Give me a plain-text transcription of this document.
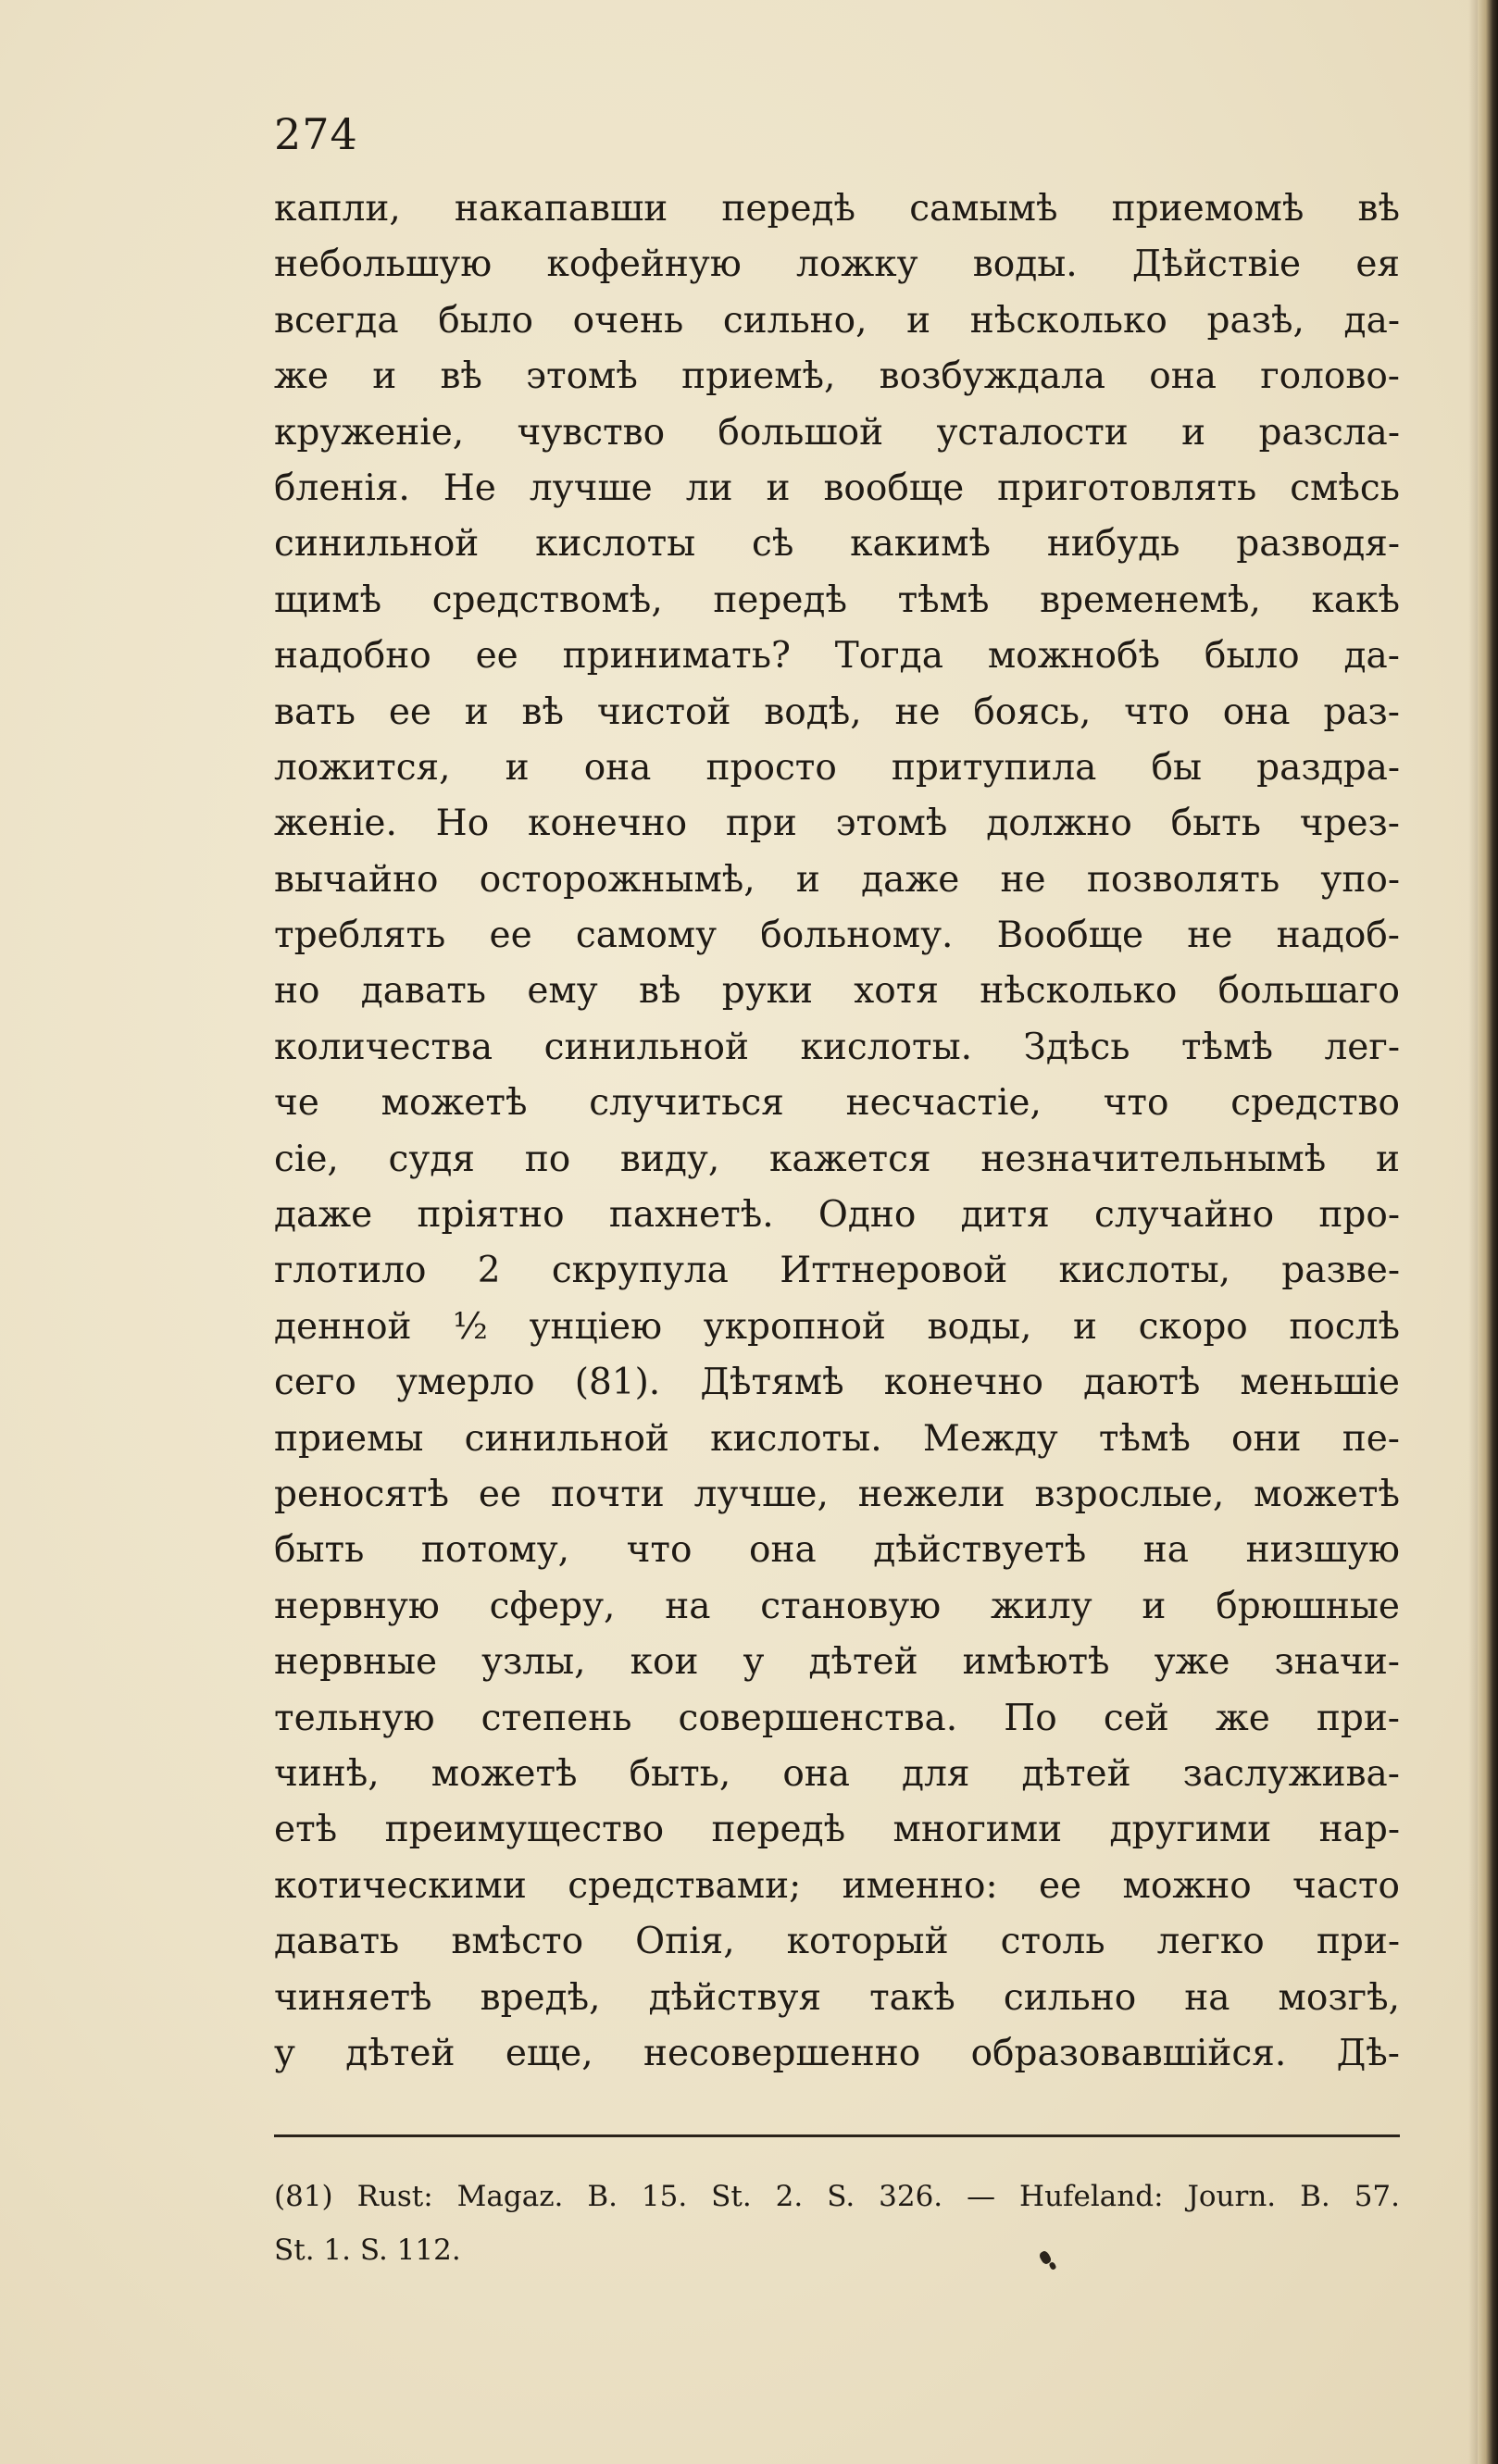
274
капли, накапавши передѣ самымѣ приемомѣ вѣ
небольшую кофейную ложку воды. Дѣйствіе ея
всегда было очень сильно, и нѣсколько разѣ, да-
же и вѣ этомѣ приемѣ, возбуждала она голово-
круженіе, чувство большой усталости и разсла-
бленія. Не лучше ли и вообще приготовлять смѣсь
синильной кислоты сѣ какимѣ нибудь разводя-
щимѣ средствомѣ, передѣ тѣмѣ временемѣ, какѣ
надобно ее принимать? Тогда можнобѣ было да-
вать ее и вѣ чистой водѣ, не боясь, что она раз-
ложится, и она просто притупила бы раздра-
женіе. Но конечно при этомѣ должно быть чрез-
вычайно осторожнымѣ, и даже не позволять упо-
треблять ее самому больному. Вообще не надоб-
но давать ему вѣ руки хотя нѣсколько большаго
количества синильной кислоты. Здѣсь тѣмѣ лег-
че можетѣ случиться несчастіе, что средство
сіе, судя по виду, кажется незначительнымѣ и
даже пріятно пахнетѣ. Одно дитя случайно про-
глотило 2 скрупула Иттнеровой кислоты, разве-
денной ½ унціею укропной воды, и скоро послѣ
сего умерло (81). Дѣтямѣ конечно даютѣ меньшіе
приемы синильной кислоты. Между тѣмѣ они пе-
реносятѣ ее почти лучше, нежели взрослые, можетѣ
быть потому, что она дѣйствуетѣ на низшую
нервную сферу, на становую жилу и брюшные
нервные узлы, кои у дѣтей имѣютѣ уже значи-
тельную степень совершенства. По сей же при-
чинѣ, можетѣ быть, она для дѣтей заслужива-
етѣ преимущество передѣ многими другими нар-
котическими средствами; именно: ее можно часто
давать вмѣсто Опія, который столь легко при-
чиняетѣ вредѣ, дѣйствуя такѣ сильно на мозгѣ,
у дѣтей еще, несовершенно образовавшійся. Дѣ-
(81) Rust: Magaz. B. 15. St. 2. S. 326. — Hufeland: Journ. B. 57.
St. 1. S. 112.
